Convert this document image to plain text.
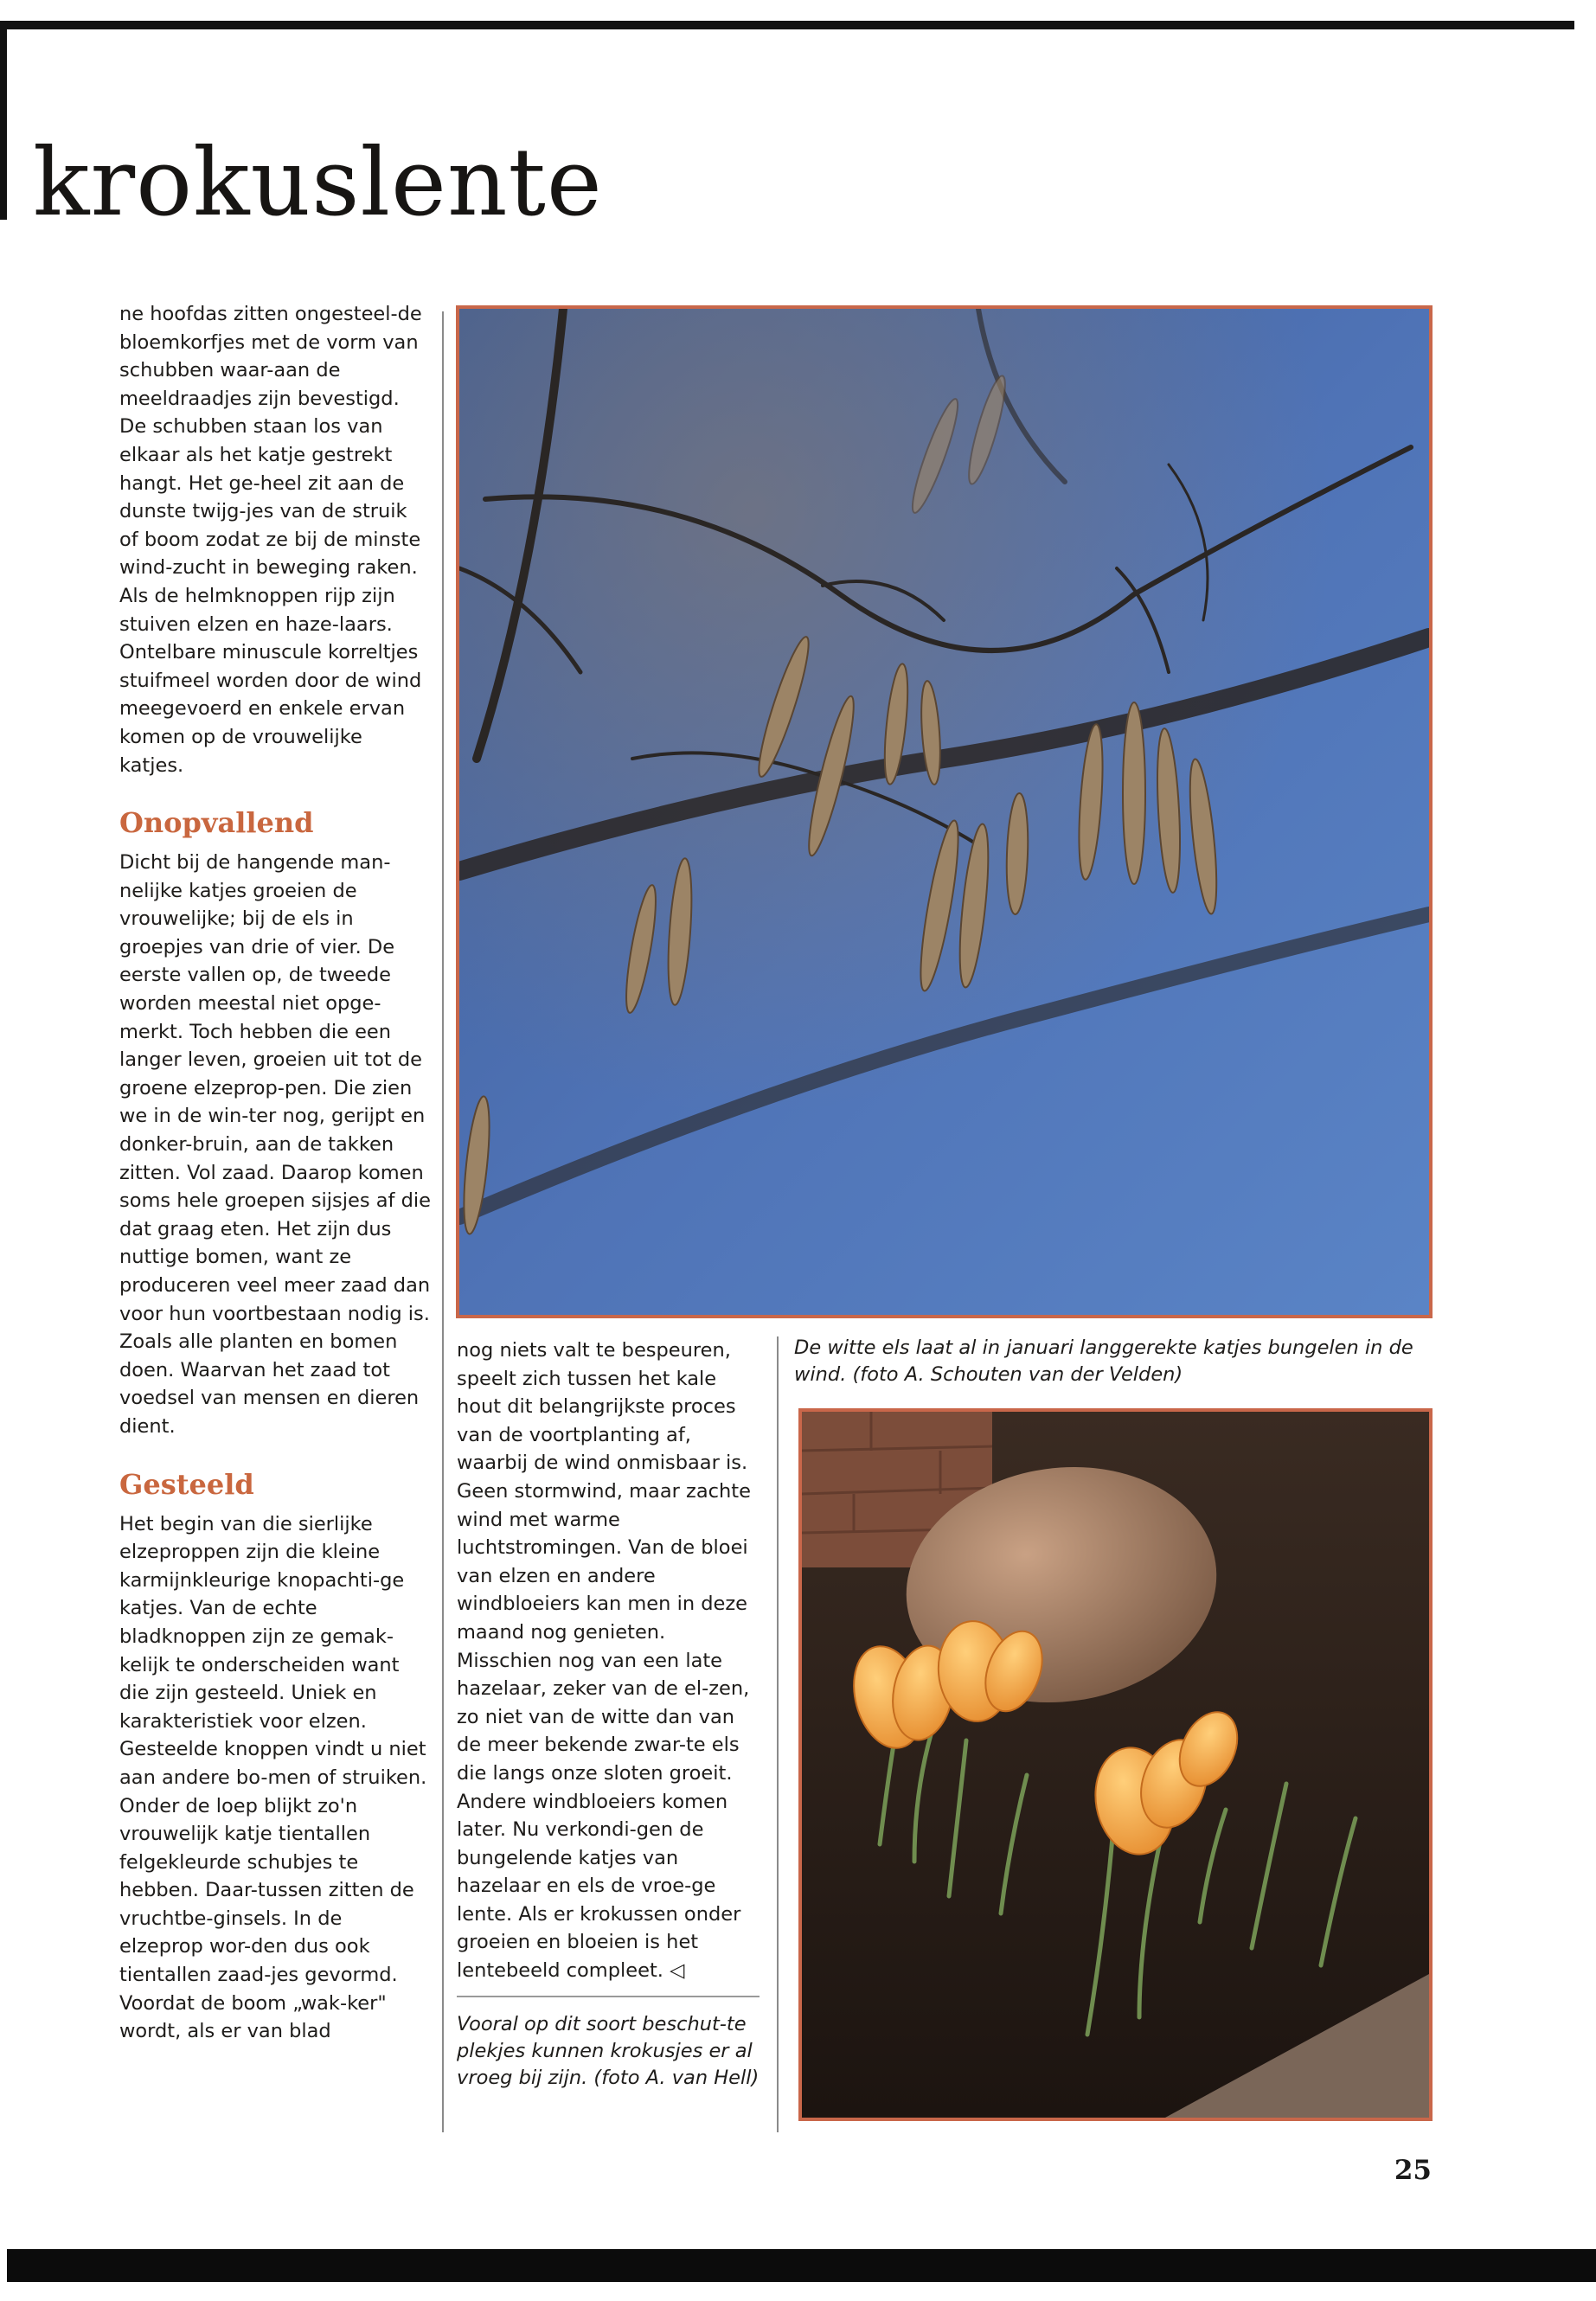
krokuslente

ne hoofdas zitten ongesteel-de bloemkorfjes met de vorm van schubben waar-aan de meeldraadjes zijn bevestigd. De schubben staan los van elkaar als het katje gestrekt hangt. Het ge-heel zit aan de dunste twijg-jes van de struik of boom zodat ze bij de minste wind-zucht in beweging raken. Als de helmknoppen rijp zijn stuiven elzen en haze-laars. Ontelbare minuscule korreltjes stuifmeel worden door de wind meegevoerd en enkele ervan komen op de vrouwelijke katjes.

Onopvallend

Dicht bij de hangende man-nelijke katjes groeien de vrouwelijke; bij de els in groepjes van drie of vier. De eerste vallen op, de tweede worden meestal niet opge-merkt. Toch hebben die een langer leven, groeien uit tot de groene elzeprop-pen. Die zien we in de win-ter nog, gerijpt en donker-bruin, aan de takken zitten. Vol zaad. Daarop komen soms hele groepen sijsjes af die dat graag eten. Het zijn dus nuttige bomen, want ze produceren veel meer zaad dan voor hun voortbestaan nodig is. Zoals alle planten en bomen doen. Waarvan het zaad tot voedsel van mensen en dieren dient.

Gesteeld

Het begin van die sierlijke elzeproppen zijn die kleine karmijnkleurige knopachti-ge katjes. Van de echte bladknoppen zijn ze gemak-kelijk te onderscheiden want die zijn gesteeld. Uniek en karakteristiek voor elzen. Gesteelde knoppen vindt u niet aan andere bo-men of struiken. Onder de loep blijkt zo'n vrouwelijk katje tientallen felgekleurde schubjes te hebben. Daar-tussen zitten de vruchtbe-ginsels. In de elzeprop wor-den dus ook tientallen zaad-jes gevormd.

Voordat de boom „wak-ker" wordt, als er van blad

nog niets valt te bespeuren, speelt zich tussen het kale hout dit belangrijkste proces van de voortplanting af, waarbij de wind onmisbaar is. Geen stormwind, maar zachte wind met warme luchtstromingen. Van de bloei van elzen en andere windbloeiers kan men in deze maand nog genieten. Misschien nog van een late hazelaar, zeker van de el-zen, zo niet van de witte dan van de meer bekende zwar-te els die langs onze sloten groeit. Andere windbloeiers komen later. Nu verkondi-gen de bungelende katjes van hazelaar en els de vroe-ge lente. Als er krokussen onder groeien en bloeien is het lentebeeld compleet. ◁

De witte els laat al in januari langgerekte katjes bungelen in de wind. (foto A. Schouten van der Velden)
Vooral op dit soort beschut-te plekjes kunnen krokusjes er al vroeg bij zijn. (foto A. van Hell)
25
